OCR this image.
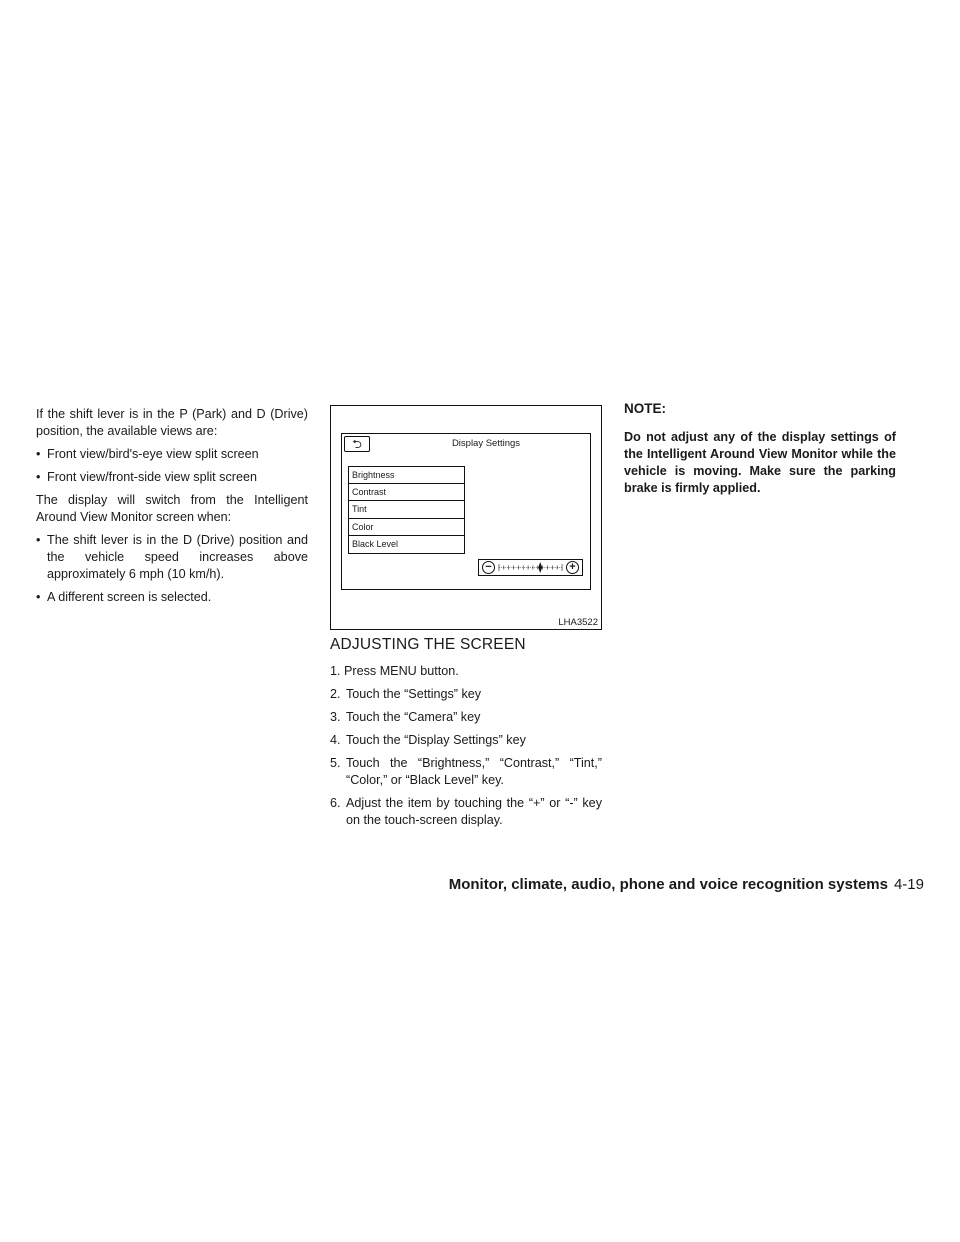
If the shift lever is in the P (Park) and D (Drive) position, the available views are:

• Front view/bird's-eye view split screen
• Front view/front-side view split screen

The display will switch from the Intelligent Around View Monitor screen when:

• The shift lever is in the D (Drive) position and the vehicle speed increases above approximately 6 mph (10 km/h).
• A different screen is selected.
⮌	Display Settings
Brightness
Contrast
Tint
Color
Black Level
−	+
LHA3522
ADJUSTING THE SCREEN
1. Press MENU button.
2. Touch the “Settings” key
3. Touch the “Camera” key
4. Touch the “Display Settings” key
5. Touch the “Brightness,” “Contrast,” “Tint,” “Color,” or “Black Level” key.
6. Adjust the item by touching the “+” or “-” key on the touch-screen display.
NOTE:
Do not adjust any of the display settings of the Intelligent Around View Monitor while the vehicle is moving. Make sure the parking brake is firmly applied.
Monitor, climate, audio, phone and voice recognition systems 4-19
